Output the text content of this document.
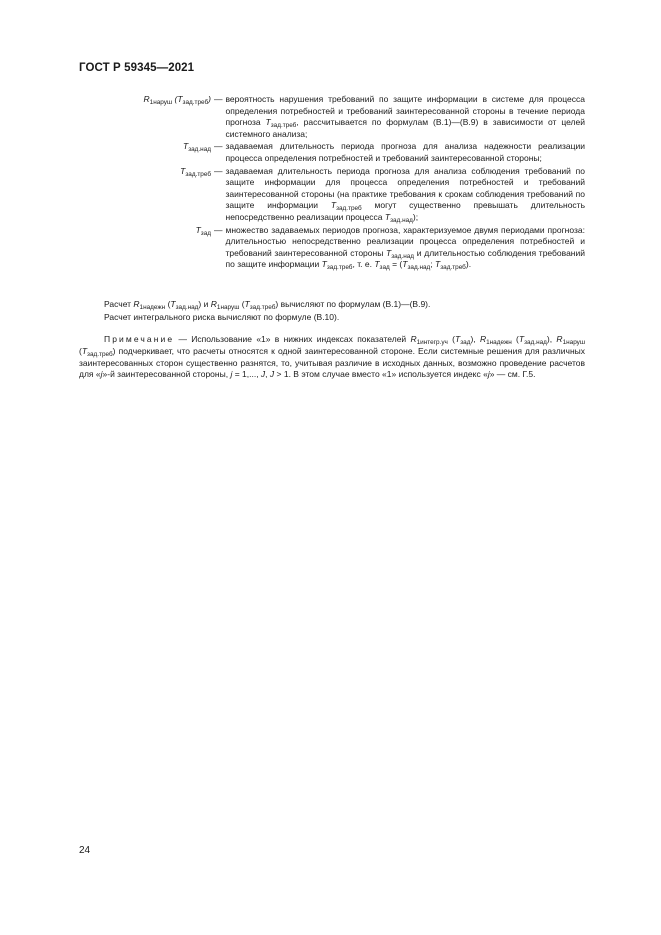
ГОСТ Р 59345—2021
$R_{1наруш}$ $(T_{зад.треб})$ — вероятность нарушения требований по защите информации в системе для процесса определения потребностей и требований заинтересованной стороны в течение периода прогноза $T_{зад.треб}$, рассчитывается по формулам (В.1)—(В.9) в зависимости от целей системного анализа;
$T_{зад.над}$ — задаваемая длительность периода прогноза для анализа надежности реализации процесса определения потребностей и требований заинтересованной стороны;
$T_{зад.треб}$ — задаваемая длительность периода прогноза для анализа соблюдения требований по защите информации для процесса определения потребностей и требований заинтересованной стороны (на практике требования к срокам соблюдения требований по защите информации $T_{зад.треб}$ могут существенно превышать длительность непосредственно реализации процесса $T_{зад.над}$);
$T_{зад}$ — множество задаваемых периодов прогноза, характеризуемое двумя периодами прогноза: длительностью непосредственно реализации процесса определения потребностей и требований заинтересованной стороны $T_{зад.над}$ и длительностью соблюдения требований по защите информации $T_{зад.треб}$, т. е. $T_{зад} = (T_{зад.над}$; $T_{зад.треб}$).
Расчет $R_{1надежн}$ $(T_{зад.над})$ и $R_{1наруш}$ $(T_{зад.треб})$ вычисляют по формулам (В.1)—(В.9).
Расчет интегрального риска вычисляют по формуле (В.10).
Примечание — Использование «1» в нижних индексах показателей $R_{1интегр.уч}$ $(T_{зад})$, $R_{1надежн}$ $(T_{зад.над})$, $R_{1наруш}$ $(T_{зад.треб})$ подчеркивает, что расчеты относятся к одной заинтересованной стороне. Если системные решения для различных заинтересованных сторон существенно разнятся, то, учитывая различие в исходных данных, возможно проведение расчетов для «j»-й заинтересованной стороны, j = 1,..., J, J > 1. В этом случае вместо «1» используется индекс «j» — см. Г.5.
24
